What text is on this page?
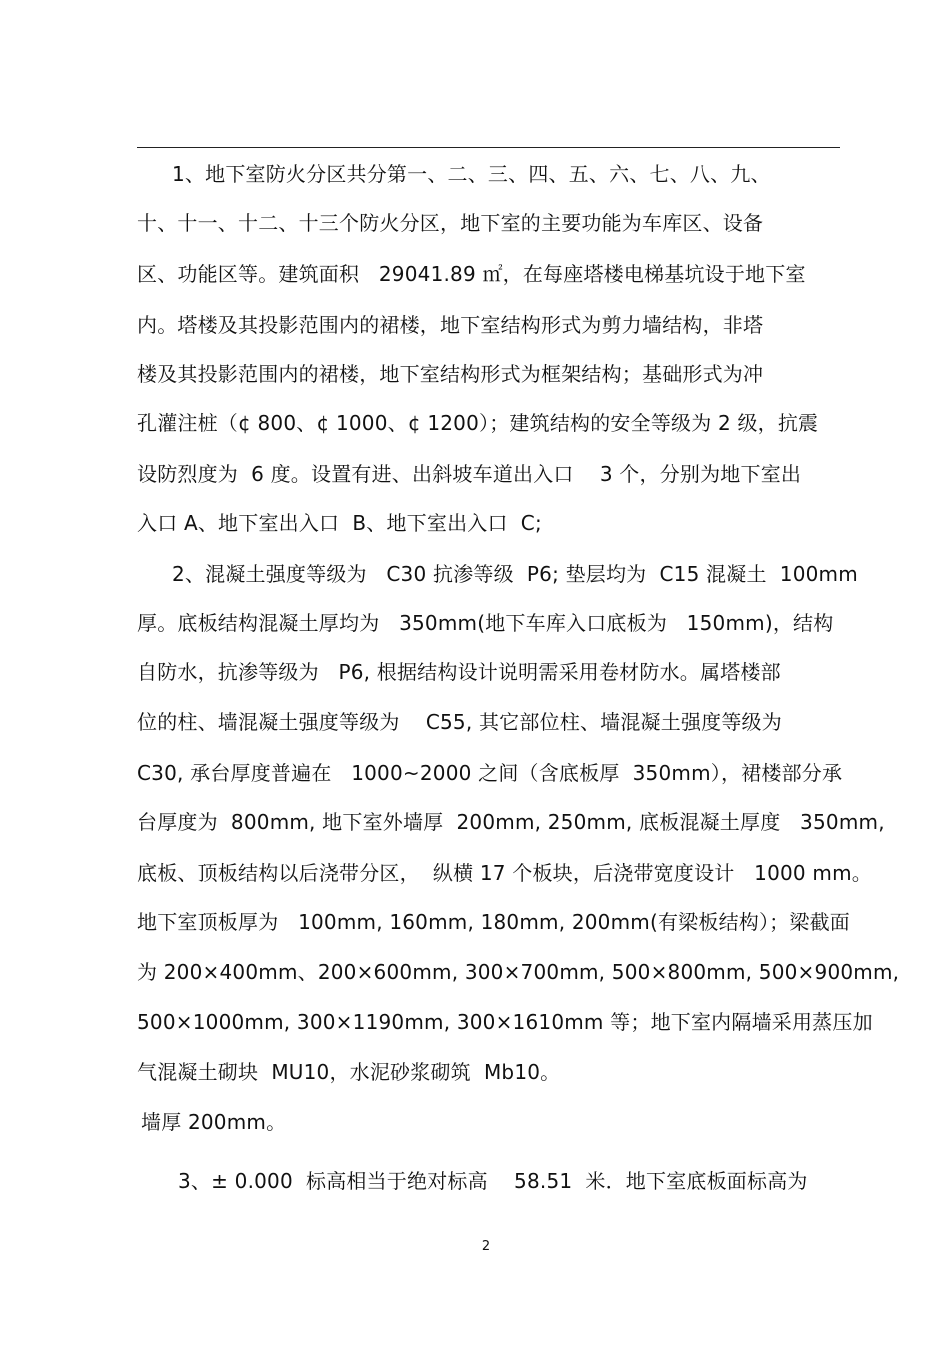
1、地下室防火分区共分第一、二、三、四、五、六、七、八、九、
十、十一、十二、十三个防火分区，地下室的主要功能为车库区、设备
区、功能区等。建筑面积   29041.89 ㎡，在每座塔楼电梯基坑设于地下室
内。塔楼及其投影范围内的裙楼，地下室结构形式为剪力墙结构，非塔
楼及其投影范围内的裙楼，地下室结构形式为框架结构；基础形式为冲
孔灌注桩（¢ 800、¢ 1000、¢ 1200）；建筑结构的安全等级为 2 级，抗震
设防烈度为  6 度。设置有进、出斜坡车道出入口    3 个，分别为地下室出
入口 A、地下室出入口  B、地下室出入口  C;
2、混凝土强度等级为   C30 抗渗等级  P6; 垫层均为  C15 混凝土  100mm
厚。底板结构混凝土厚均为   350mm(地下车库入口底板为   150mm)，结构
自防水，抗渗等级为   P6, 根据结构设计说明需采用卷材防水。属塔楼部
位的柱、墙混凝土强度等级为    C55, 其它部位柱、墙混凝土强度等级为
C30, 承台厚度普遍在   1000~2000 之间（含底板厚  350mm），裙楼部分承
台厚度为  800mm, 地下室外墙厚  200mm, 250mm, 底板混凝土厚度   350mm,
底板、顶板结构以后浇带分区，  纵横 17 个板块，后浇带宽度设计   1000 mm。
地下室顶板厚为   100mm, 160mm, 180mm, 200mm(有梁板结构）；梁截面
为 200×400mm、200×600mm, 300×700mm, 500×800mm, 500×900mm,
500×1000mm, 300×1190mm, 300×1610mm 等；地下室内隔墙采用蒸压加
气混凝土砌块  MU10，水泥砂浆砌筑  Mb10。
墙厚 200mm。
3、± 0.000  标高相当于绝对标高    58.51  米．地下室底板面标高为
2
